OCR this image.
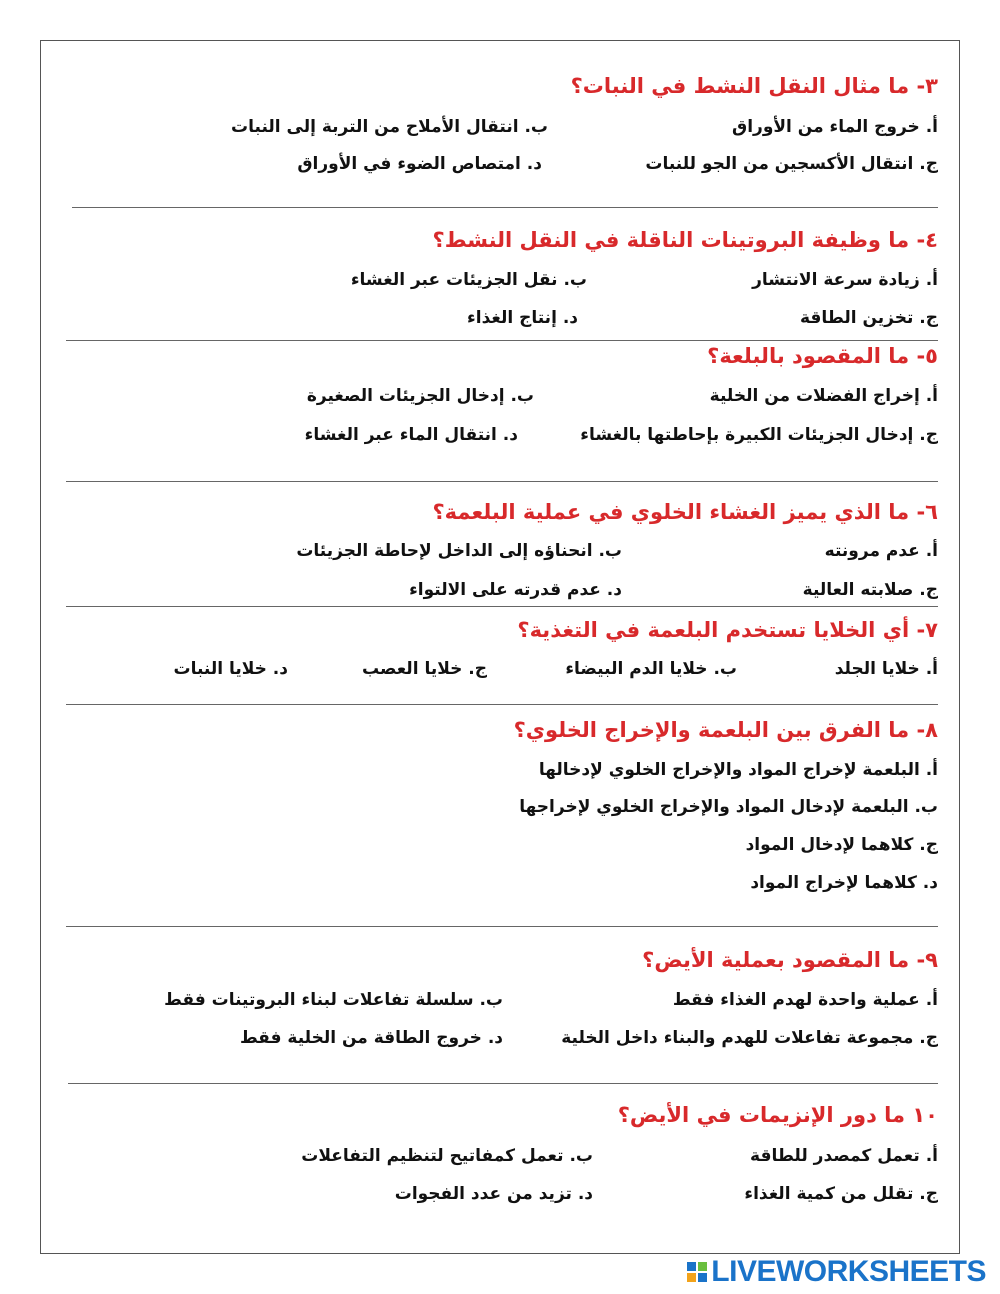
٣- ما مثال النقل النشط في النبات؟
أ. خروج الماء من الأوراق
ب. انتقال الأملاح من التربة إلى النبات
ج. انتقال الأكسجين من الجو للنبات
د. امتصاص الضوء في الأوراق
٤- ما وظيفة البروتينات الناقلة في النقل النشط؟
أ. زيادة سرعة الانتشار
ب. نقل الجزيئات عبر الغشاء
ج. تخزين الطاقة
د. إنتاج الغذاء
٥- ما المقصود بالبلعة؟
أ. إخراج الفضلات من الخلية
ب. إدخال الجزيئات الصغيرة
ج. إدخال الجزيئات الكبيرة بإحاطتها بالغشاء
د. انتقال الماء عبر الغشاء
٦- ما الذي يميز الغشاء الخلوي في عملية البلعمة؟
أ. عدم مرونته
ب. انحناؤه إلى الداخل لإحاطة الجزيئات
ج. صلابته العالية
د. عدم قدرته على الالتواء
٧- أي الخلايا تستخدم البلعمة في التغذية؟
أ. خلايا الجلد
ب. خلايا الدم البيضاء
ج. خلايا العصب
د. خلايا النبات
٨- ما الفرق بين البلعمة والإخراج الخلوي؟
أ. البلعمة لإخراج المواد والإخراج الخلوي لإدخالها
ب. البلعمة لإدخال المواد والإخراج الخلوي لإخراجها
ج. كلاهما لإدخال المواد
د. كلاهما لإخراج المواد
٩- ما المقصود بعملية الأيض؟
أ. عملية واحدة لهدم الغذاء فقط
ب. سلسلة تفاعلات لبناء البروتينات فقط
ج. مجموعة تفاعلات للهدم والبناء داخل الخلية
د. خروج الطاقة من الخلية فقط
١٠ ما دور الإنزيمات في الأيض؟
أ. تعمل كمصدر للطاقة
ب. تعمل كمفاتيح لتنظيم التفاعلات
ج. تقلل من كمية الغذاء
د. تزيد من عدد الفجوات
LIVEWORKSHEETS
